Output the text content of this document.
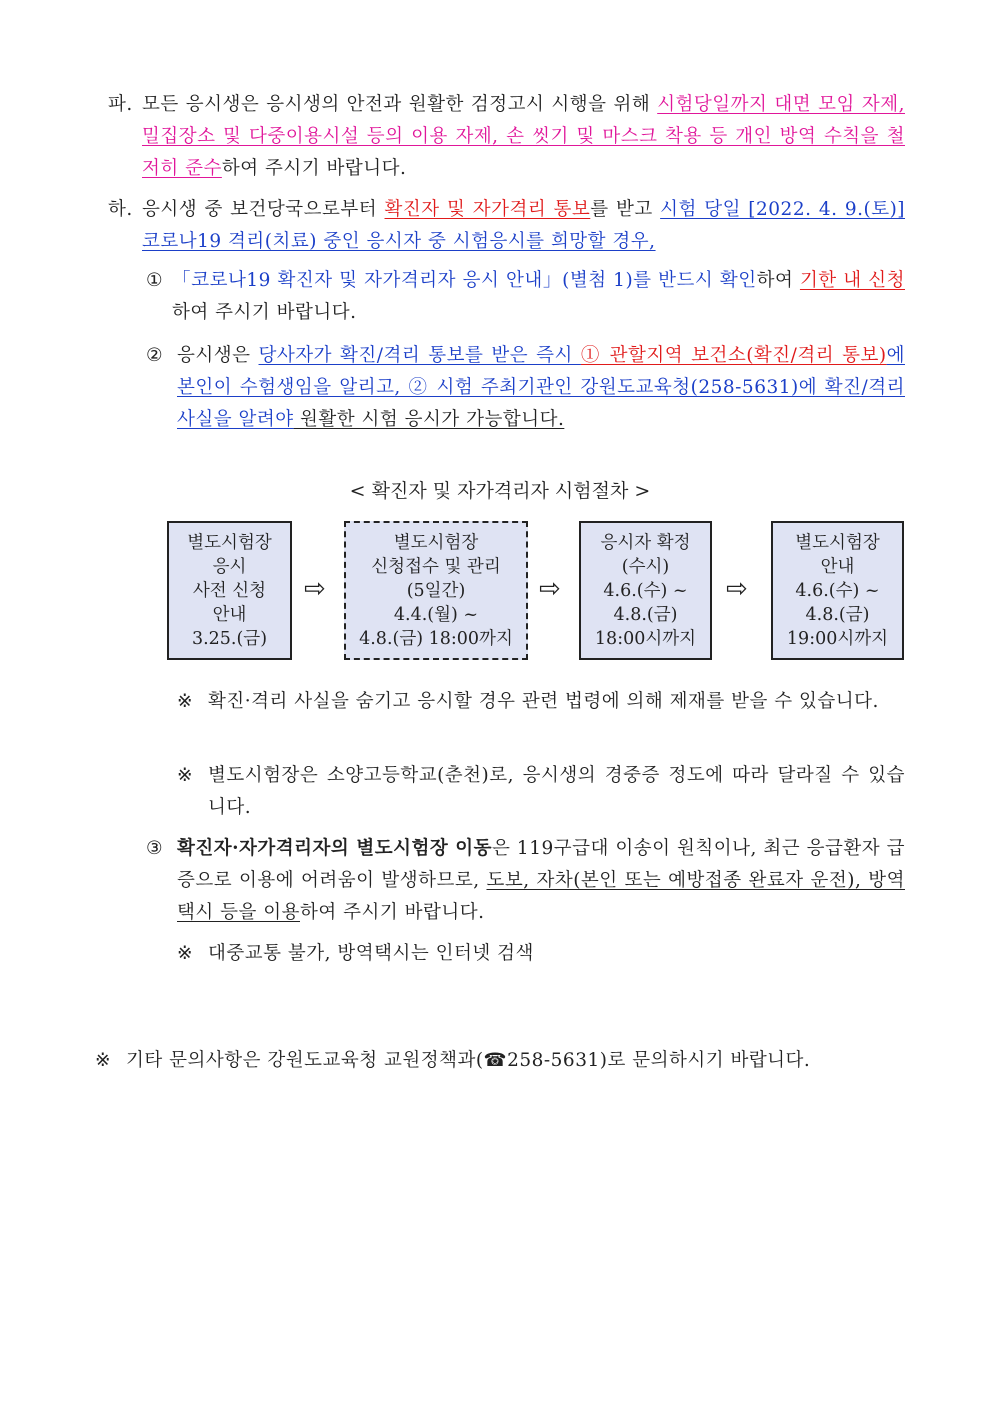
파. 모든 응시생은 응시생의 안전과 원활한 검정고시 시행을 위해 시험당일까지 대면 모임 자제, 밀집장소 및 다중이용시설 등의 이용 자제, 손 씻기 및 마스크 착용 등 개인 방역 수칙을 철저히 준수하여 주시기 바랍니다.
하. 응시생 중 보건당국으로부터 확진자 및 자가격리 통보를 받고 시험 당일 [2022. 4. 9.(토)] 코로나19 격리(치료) 중인 응시자 중 시험응시를 희망할 경우,
① 「코로나19 확진자 및 자가격리자 응시 안내」(별첨 1)를 반드시 확인하여 기한 내 신청하여 주시기 바랍니다.
② 응시생은 당사자가 확진/격리 통보를 받은 즉시 ① 관할지역 보건소(확진/격리 통보)에 본인이 수험생임을 알리고, ② 시험 주최기관인 강원도교육청(258-5631)에 확진/격리 사실을 알려야 원활한 시험 응시가 가능합니다.
< 확진자 및 자가격리자 시험절차 >
별도시험장
응시
사전 신청
안내
3.25.(금)
⇨
별도시험장
신청접수 및 관리
(5일간)
4.4.(월) ~
4.8.(금) 18:00까지
⇨
응시자 확정
(수시)
4.6.(수) ~
4.8.(금)
18:00시까지
⇨
별도시험장
안내
4.6.(수) ~
4.8.(금)
19:00시까지
※ 확진·격리 사실을 숨기고 응시할 경우 관련 법령에 의해 제재를 받을 수 있습니다.
※ 별도시험장은 소양고등학교(춘천)로, 응시생의 경중증 정도에 따라 달라질 수 있습니다.
③ 확진자·자가격리자의 별도시험장 이동은 119구급대 이송이 원칙이나, 최근 응급환자 급증으로 이용에 어려움이 발생하므로, 도보, 자차(본인 또는 예방접종 완료자 운전), 방역택시 등을 이용하여 주시기 바랍니다.
※ 대중교통 불가, 방역택시는 인터넷 검색
※ 기타 문의사항은 강원도교육청 교원정책과(☎258-5631)로 문의하시기 바랍니다.
